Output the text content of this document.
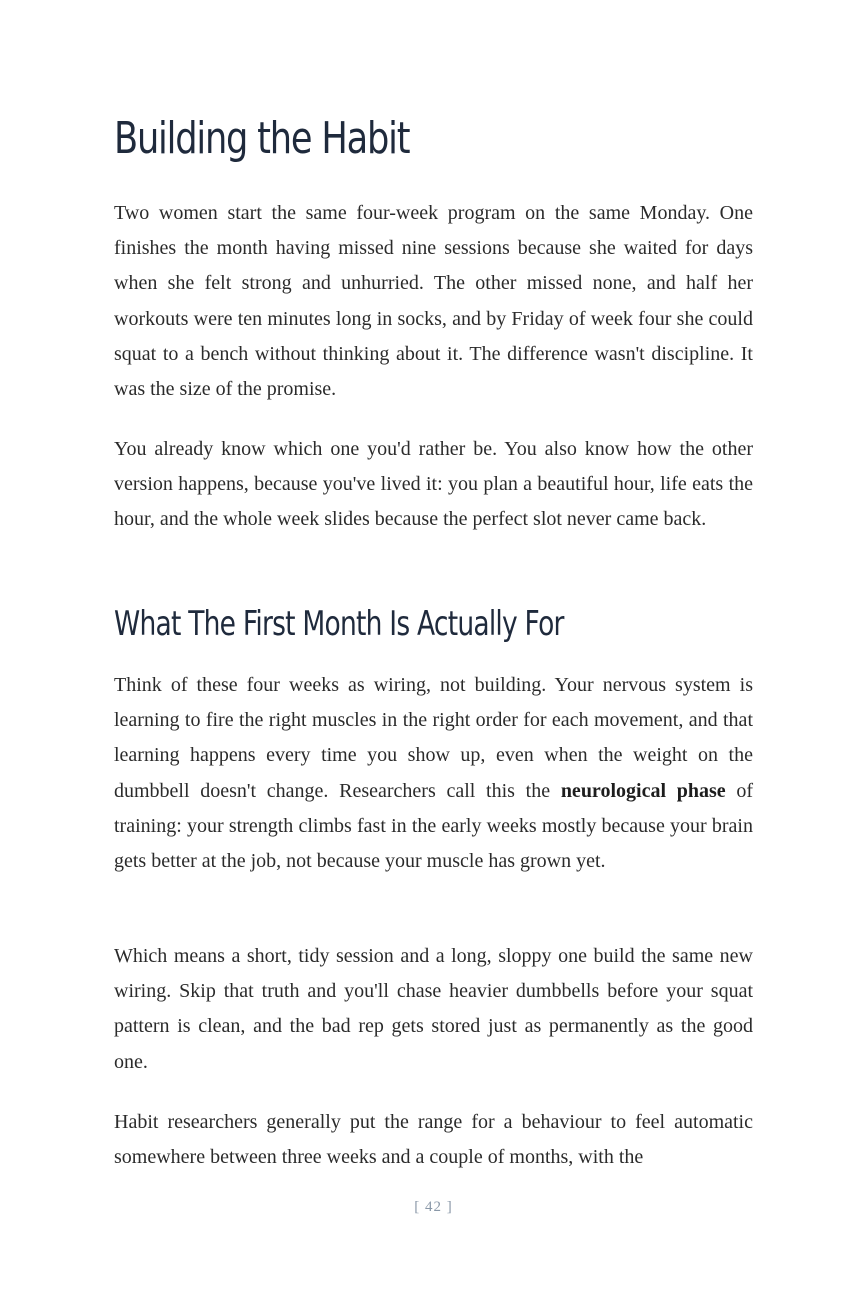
Building the Habit

Two women start the same four-week program on the same Monday. One finishes the month having missed nine sessions because she waited for days when she felt strong and unhurried. The other missed none, and half her workouts were ten minutes long in socks, and by Friday of week four she could squat to a bench without thinking about it. The difference wasn't discipline. It was the size of the promise.

You already know which one you'd rather be. You also know how the other version happens, because you've lived it: you plan a beautiful hour, life eats the hour, and the whole week slides because the perfect slot never came back.

What The First Month Is Actually For

Think of these four weeks as wiring, not building. Your nervous system is learning to fire the right muscles in the right order for each movement, and that learning happens every time you show up, even when the weight on the dumbbell doesn't change. Researchers call this the neurological phase of training: your strength climbs fast in the early weeks mostly because your brain gets better at the job, not because your muscle has grown yet.

Which means a short, tidy session and a long, sloppy one build the same new wiring. Skip that truth and you'll chase heavier dumbbells before your squat pattern is clean, and the bad rep gets stored just as permanently as the good one.

Habit researchers generally put the range for a behaviour to feel automatic somewhere between three weeks and a couple of months, with the

[ 42 ]
